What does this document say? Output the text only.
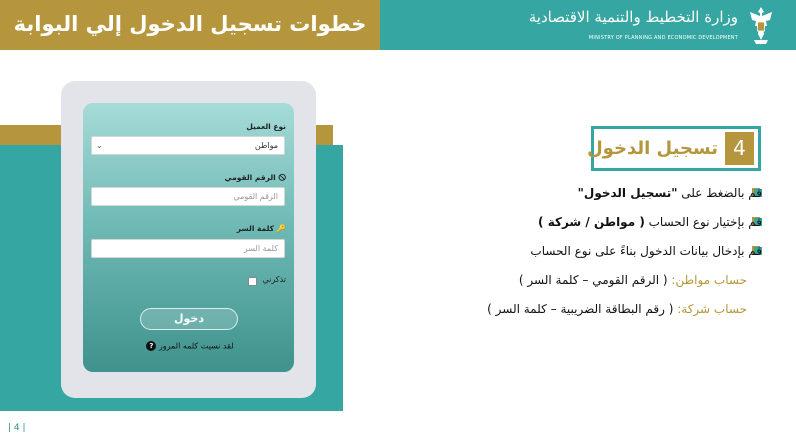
خطوات تسجيل الدخول إلي البوابة	وزارة التخطيط والتنمية الاقتصادية
MINISTRY OF PLANNING AND ECONOMIC DEVELOPMENT
نوع العميل
مواطن
⌄
🛇 الرقم القومي
الرقم القومي
🔑 كلمة السر
كلمة السر
تذكرني
دخول
لقد نسيت كلمه المرور ?
4
تسجيل الدخول
قم بالضغط على "تسجيل الدخول"
قم بإختيار نوع الحساب ( مواطن / شركة )
قم بإدخال بيانات الدخول بناءً على نوع الحساب
حساب مواطن: ( الرقم القومي – كلمة السر )
حساب شركة: ( رقم البطاقة الضريبية – كلمة السر )
| 4 |
